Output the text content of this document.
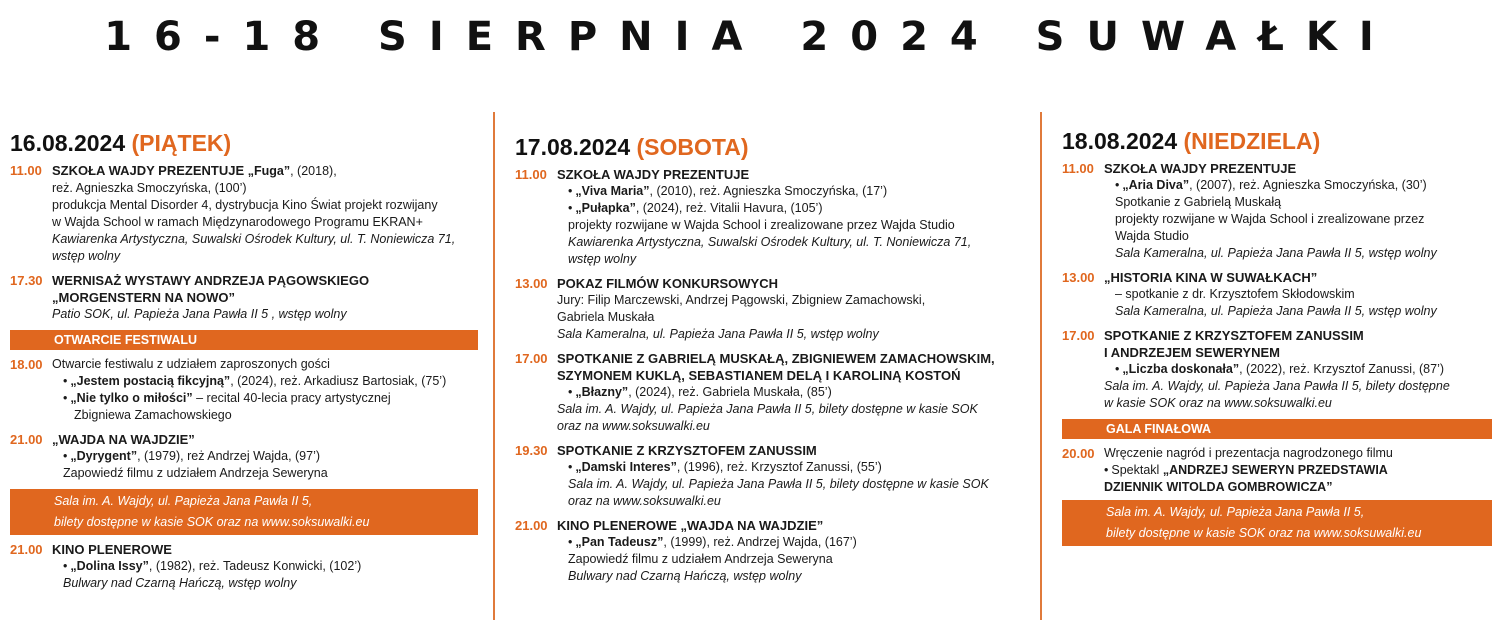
16-18 SIERPNIA 2024 SUWAŁKI
16.08.2024 (PIĄTEK)
11.00 SZKOŁA WAJDY PREZENTUJE „Fuga”, (2018),
reż. Agnieszka Smoczyńska, (100’)
produkcja Mental Disorder 4, dystrybucja Kino Świat projekt rozwijany
w Wajda School w ramach Międzynarodowego Programu EKRAN+
Kawiarenka Artystyczna, Suwalski Ośrodek Kultury, ul. T. Noniewicza 71,
wstęp wolny
17.30 WERNISAŻ WYSTAWY ANDRZEJA PĄGOWSKIEGO
„MORGENSTERN NA NOWO”
Patio SOK, ul. Papieża Jana Pawła II 5 , wstęp wolny
OTWARCIE FESTIWALU
18.00 Otwarcie festiwalu z udziałem zaproszonych gości
• „Jestem postacią fikcyjną”, (2024), reż. Arkadiusz Bartosiak, (75’)
• „Nie tylko o miłości” – recital 40-lecia pracy artystycznej
Zbigniewa Zamachowskiego
21.00 „WAJDA NA WAJDZIE”
• „Dyrygent”, (1979), reż Andrzej Wajda, (97’)
Zapowiedź filmu z udziałem Andrzeja Seweryna
Sala im. A. Wajdy, ul. Papieża Jana Pawła II 5,
bilety dostępne w kasie SOK oraz na www.soksuwalki.eu
21.00 KINO PLENEROWE
• „Dolina Issy”, (1982), reż. Tadeusz Konwicki, (102’)
Bulwary nad Czarną Hańczą, wstęp wolny
17.08.2024 (SOBOTA)
11.00 SZKOŁA WAJDY PREZENTUJE
• „Viva Maria”, (2010), reż. Agnieszka Smoczyńska, (17’)
• „Pułapka”, (2024), reż. Vitalii Havura, (105’)
projekty rozwijane w Wajda School i zrealizowane przez Wajda Studio
Kawiarenka Artystyczna, Suwalski Ośrodek Kultury, ul. T. Noniewicza 71,
wstęp wolny
13.00 POKAZ FILMÓW KONKURSOWYCH
Jury: Filip Marczewski, Andrzej Pągowski, Zbigniew Zamachowski,
Gabriela Muskała
Sala Kameralna, ul. Papieża Jana Pawła II 5, wstęp wolny
17.00 SPOTKANIE Z GABRIELĄ MUSKAŁĄ, ZBIGNIEWEM ZAMACHOWSKIM,
SZYMONEM KUKLĄ, SEBASTIANEM DELĄ I KAROLINĄ KOSTOŃ
• „Błazny”, (2024), reż. Gabriela Muskała, (85’)
Sala im. A. Wajdy, ul. Papieża Jana Pawła II 5, bilety dostępne w kasie SOK
oraz na www.soksuwalki.eu
19.30 SPOTKANIE Z KRZYSZTOFEM ZANUSSIM
• „Damski Interes”, (1996), reż. Krzysztof Zanussi, (55’)
Sala im. A. Wajdy, ul. Papieża Jana Pawła II 5, bilety dostępne w kasie SOK
oraz na www.soksuwalki.eu
21.00 KINO PLENEROWE „WAJDA NA WAJDZIE”
• „Pan Tadeusz”, (1999), reż. Andrzej Wajda, (167’)
Zapowiedź filmu z udziałem Andrzeja Seweryna
Bulwary nad Czarną Hańczą, wstęp wolny
18.08.2024 (NIEDZIELA)
11.00 SZKOŁA WAJDY PREZENTUJE
• „Aria Diva”, (2007), reż. Agnieszka Smoczyńska, (30’)
Spotkanie z Gabrielą Muskałą
projekty rozwijane w Wajda School i zrealizowane przez
Wajda Studio
Sala Kameralna, ul. Papieża Jana Pawła II 5, wstęp wolny
13.00 „HISTORIA KINA W SUWAŁKACH”
– spotkanie z dr. Krzysztofem Skłodowskim
Sala Kameralna, ul. Papieża Jana Pawła II 5, wstęp wolny
17.00 SPOTKANIE Z KRZYSZTOFEM ZANUSSIM
I ANDRZEJEM SEWERYNEM
• „Liczba doskonała”, (2022), reż. Krzysztof Zanussi, (87’)
Sala im. A. Wajdy, ul. Papieża Jana Pawła II 5, bilety dostępne
w kasie SOK oraz na www.soksuwalki.eu
GALA FINAŁOWA
20.00 Wręczenie nagród i prezentacja nagrodzonego filmu
• Spektakl „ANDRZEJ SEWERYN PRZEDSTAWIA
DZIENNIK WITOLDA GOMBROWICZA”
Sala im. A. Wajdy, ul. Papieża Jana Pawła II 5,
bilety dostępne w kasie SOK oraz na www.soksuwalki.eu
